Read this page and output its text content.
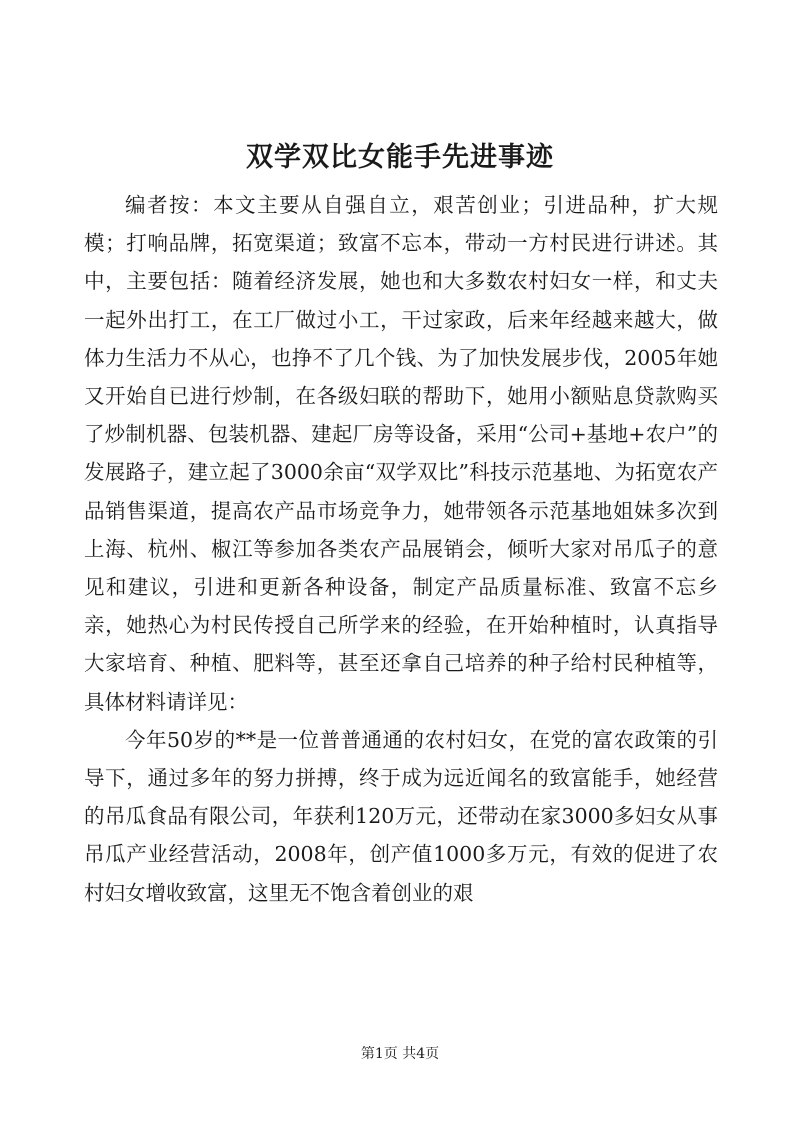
双学双比女能手先进事迹

编者按：本文主要从自强自立，艰苦创业；引进品种，扩大规模；打响品牌，拓宽渠道；致富不忘本，带动一方村民进行讲述。其中，主要包括：随着经济发展，她也和大多数农村妇女一样，和丈夫一起外出打工，在工厂做过小工，干过家政，后来年经越来越大，做体力生活力不从心，也挣不了几个钱、为了加快发展步伐，2005年她又开始自已进行炒制，在各级妇联的帮助下，她用小额贴息贷款购买了炒制机器、包装机器、建起厂房等设备，采用“公司+基地+农户”的发展路子，建立起了3000余亩“双学双比”科技示范基地、为拓宽农产品销售渠道，提高农产品市场竞争力，她带领各示范基地姐妹多次到上海、杭州、椒江等参加各类农产品展销会，倾听大家对吊瓜子的意见和建议，引进和更新各种设备，制定产品质量标准、致富不忘乡亲，她热心为村民传授自己所学来的经验，在开始种植时，认真指导大家培育、种植、肥料等，甚至还拿自己培养的种子给村民种植等，具体材料请详见：

今年50岁的**是一位普普通通的农村妇女，在党的富农政策的引导下，通过多年的努力拼搏，终于成为远近闻名的致富能手，她经营的吊瓜食品有限公司，年获利120万元，还带动在家3000多妇女从事吊瓜产业经营活动，2008年，创产值1000多万元，有效的促进了农村妇女增收致富，这里无不饱含着创业的艰

第1页 共4页
